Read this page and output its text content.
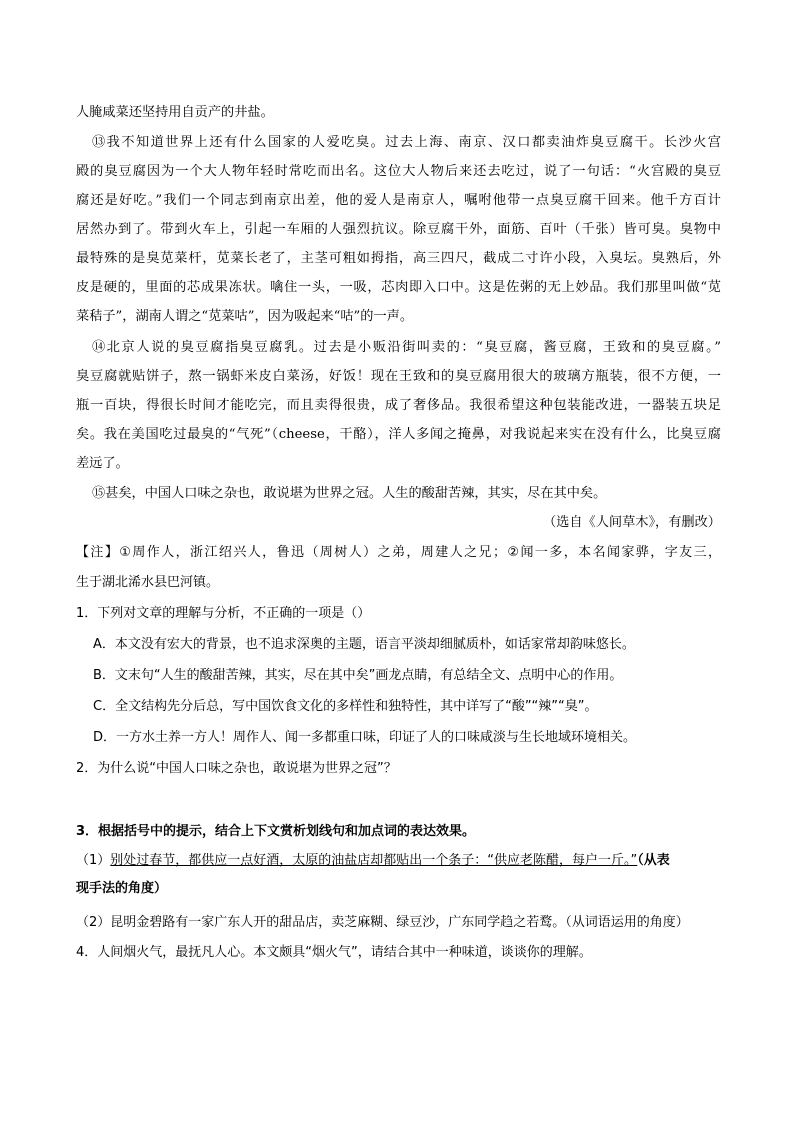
人腌咸菜还坚持用自贡产的井盐。
⑬我不知道世界上还有什么国家的人爱吃臭。过去上海、南京、汉口都卖油炸臭豆腐干。长沙火宫
殿的臭豆腐因为一个大人物年轻时常吃而出名。这位大人物后来还去吃过，说了一句话：“火宫殿的臭豆
腐还是好吃。”我们一个同志到南京出差，他的爱人是南京人，嘱咐他带一点臭豆腐干回来。他千方百计
居然办到了。带到火车上，引起一车厢的人强烈抗议。除豆腐干外，面筋、百叶（千张）皆可臭。臭物中
最特殊的是臭苋菜杆，苋菜长老了，主茎可粗如拇指，高三四尺，截成二寸许小段，入臭坛。臭熟后，外
皮是硬的，里面的芯成果冻状。噙住一头，一吸，芯肉即入口中。这是佐粥的无上妙品。我们那里叫做“苋
菜秸子”，湖南人谓之“苋菜咕”，因为吸起来“咕”的一声。
⑭北京人说的臭豆腐指臭豆腐乳。过去是小贩沿街叫卖的：“臭豆腐，酱豆腐，王致和的臭豆腐。”
臭豆腐就贴饼子，熬一锅虾米皮白菜汤，好饭！现在王致和的臭豆腐用很大的玻璃方瓶装，很不方便，一
瓶一百块，得很长时间才能吃完，而且卖得很贵，成了奢侈品。我很希望这种包装能改进，一器装五块足
矣。我在美国吃过最臭的“气死”（cheese，干酪），洋人多闻之掩鼻，对我说起来实在没有什么，比臭豆腐
差远了。
⑮甚矣，中国人口味之杂也，敢说堪为世界之冠。人生的酸甜苦辣，其实，尽在其中矣。
（选自《人间草木》，有删改）
【注】①周作人，浙江绍兴人，鲁迅（周树人）之弟，周建人之兄；②闻一多，本名闻家骅，字友三，
生于湖北浠水县巴河镇。
1．下列对文章的理解与分析，不正确的一项是（）
A．本文没有宏大的背景，也不追求深奥的主题，语言平淡却细腻质朴，如话家常却韵味悠长。
B．文末句“人生的酸甜苦辣，其实，尽在其中矣”画龙点睛，有总结全文、点明中心的作用。
C．全文结构先分后总，写中国饮食文化的多样性和独特性，其中详写了“酸”“辣”“臭”。
D．一方水土养一方人！周作人、闻一多都重口味，印证了人的口味咸淡与生长地域环境相关。
2．为什么说“中国人口味之杂也，敢说堪为世界之冠”？
3．根据括号中的提示，结合上下文赏析划线句和加点词的表达效果。
（1）别处过春节，都供应一点好酒，太原的油盐店却都贴出一个条子：“供应老陈醋，每户一斤。”（从表
现手法的角度）
（2）昆明金碧路有一家广东人开的甜品店，卖芝麻糊、绿豆沙，广东同学趋之若鹜。（从词语运用的角度）
4．人间烟火气，最抚凡人心。本文颇具“烟火气”，请结合其中一种味道，谈谈你的理解。
